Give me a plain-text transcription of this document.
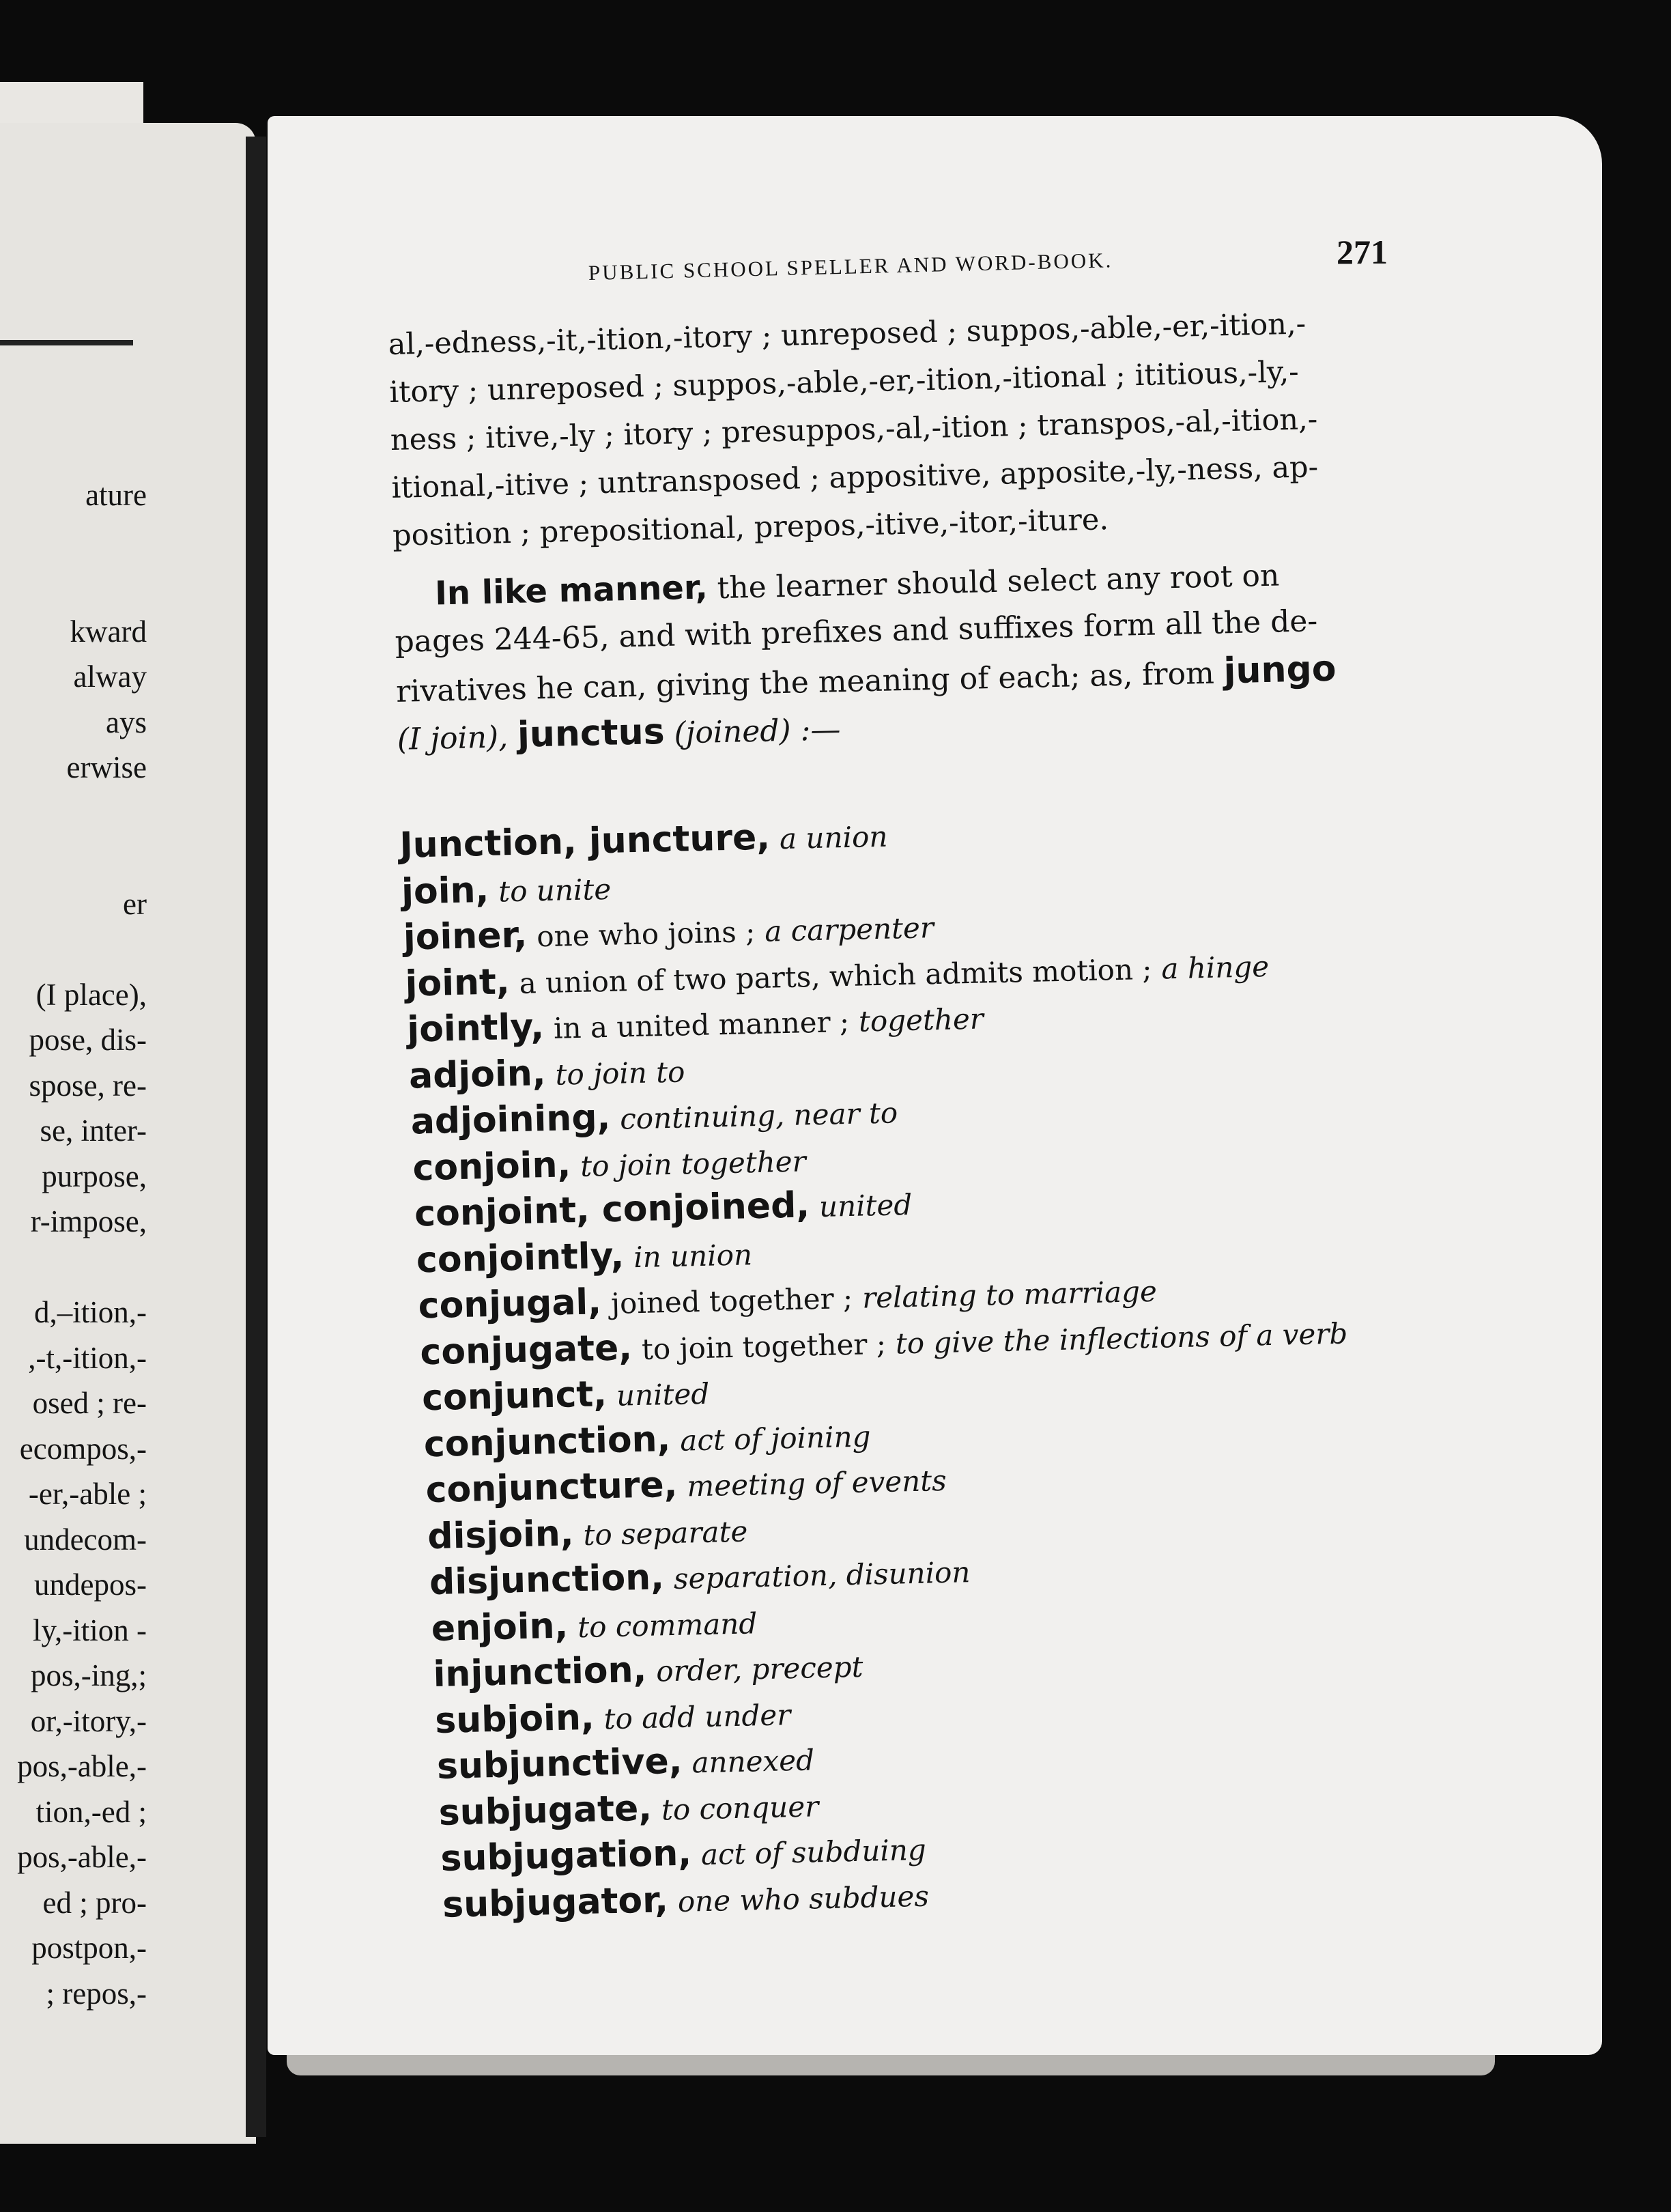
ature
kward
alway
ays
erwise
er
(I place),
pose, dis-
spose, re-
se, inter-
purpose,
r-impose,
d,–ition,-
,-t,-ition,-
osed ; re-
ecompos,-
-er,-able ;
undecom-
undepos-
ly,-ition -
pos,-ing,;
or,-itory,-
pos,-able,-
tion,-ed ;
pos,-able,-
ed ; pro-
postpon,-
; repos,-
PUBLIC SCHOOL SPELLER AND WORD-BOOK.	271
al,-edness,-it,-ition,-itory ; unreposed ; suppos,-able,-er,-ition,-
itory ; unreposed ; suppos,-able,-er,-ition,-itional ; ititious,-ly,-
ness ; itive,-ly ; itory ; presuppos,-al,-ition ; transpos,-al,-ition,-
itional,-itive ; untransposed ; appositive, apposite,-ly,-ness, ap-
position ; prepositional, prepos,-itive,-itor,-iture.
In like manner, the learner should select any root on
pages 244-65, and with prefixes and suffixes form all the de-
rivatives he can, giving the meaning of each; as, from jungo
(I join), junctus (joined) :—
Junction, juncture, a union
join, to unite
joiner, one who joins ; a carpenter
joint, a union of two parts, which admits motion ; a hinge
jointly, in a united manner ; together
adjoin, to join to
adjoining, continuing, near to
conjoin, to join together
conjoint, conjoined, united
conjointly, in union
conjugal, joined together ; relating to marriage
conjugate, to join together ; to give the inflections of a verb
conjunct, united
conjunction, act of joining
conjuncture, meeting of events
disjoin, to separate
disjunction, separation, disunion
enjoin, to command
injunction, order, precept
subjoin, to add under
subjunctive, annexed
subjugate, to conquer
subjugation, act of subduing
subjugator, one who subdues
